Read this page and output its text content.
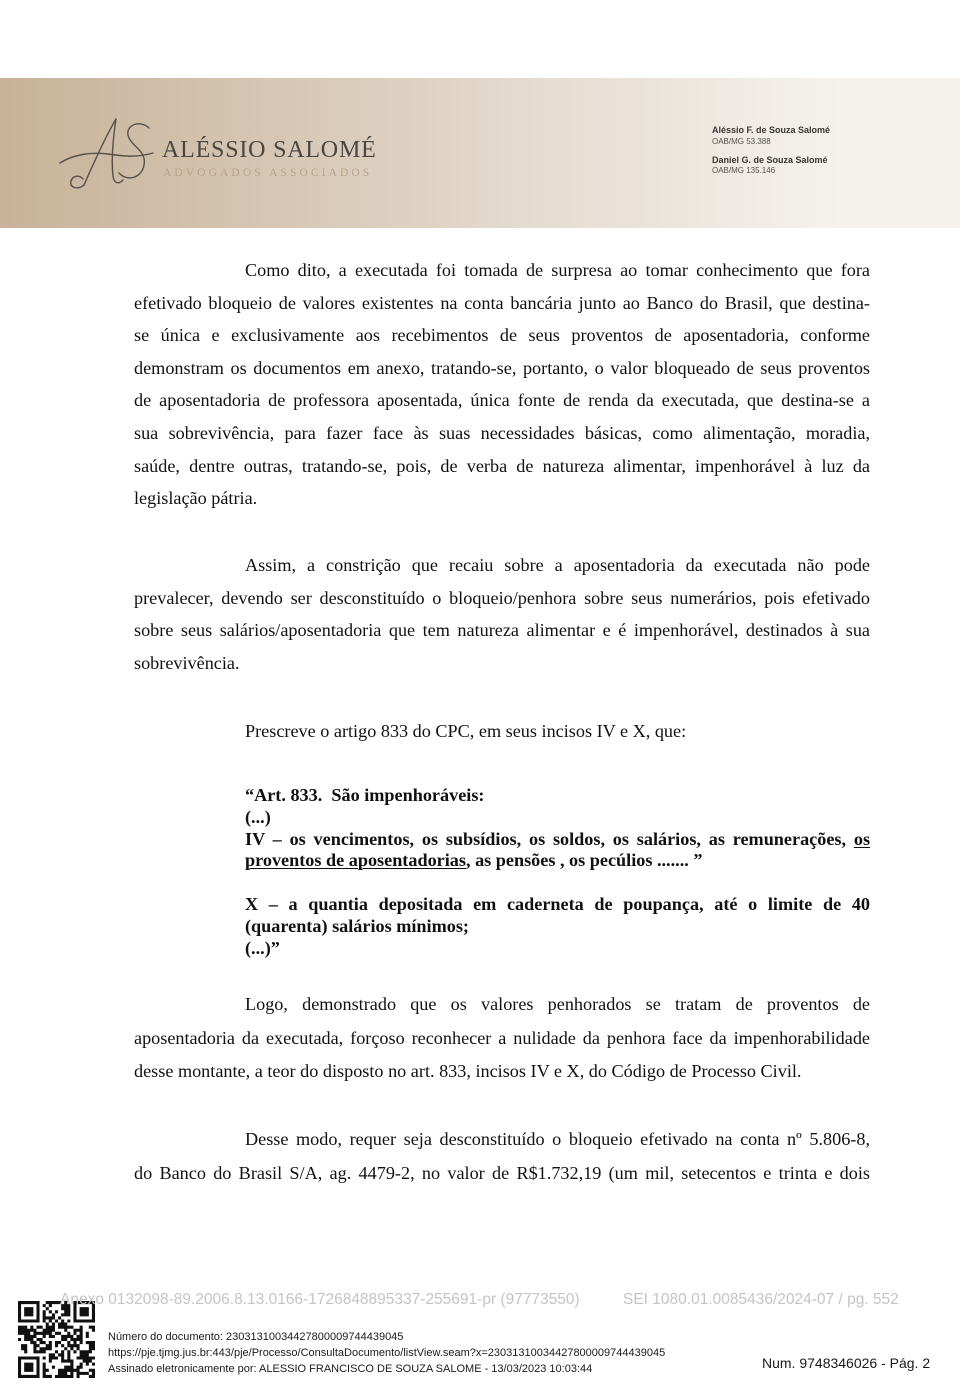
ALÉSSIO SALOMÉ
ADVOGADOS ASSOCIADOS
Aléssio F. de Souza Salomé
OAB/MG 53.388
Daniel G. de Souza Salomé
OAB/MG 135.146
Como dito, a executada foi tomada de surpresa ao tomar conhecimento que fora
efetivado bloqueio de valores existentes na conta bancária junto ao Banco do Brasil, que destina-
se única e exclusivamente aos recebimentos de seus proventos de aposentadoria, conforme
demonstram os documentos em anexo, tratando-se, portanto, o valor bloqueado de seus proventos
de aposentadoria de professora aposentada, única fonte de renda da executada, que destina-se a
sua sobrevivência, para fazer face às suas necessidades básicas, como alimentação, moradia,
saúde, dentre outras, tratando-se, pois, de verba de natureza alimentar, impenhorável à luz da
legislação pátria.
Assim, a constrição que recaiu sobre a aposentadoria da executada não pode
prevalecer, devendo ser desconstituído o bloqueio/penhora sobre seus numerários, pois efetivado
sobre seus salários/aposentadoria que tem natureza alimentar e é impenhorável, destinados à sua
sobrevivência.
Prescreve o artigo 833 do CPC, em seus incisos IV e X, que:
“Art. 833.  São impenhoráveis:
(...)
IV – os vencimentos, os subsídios, os soldos, os salários, as remunerações, os
proventos de aposentadorias, as pensões , os pecúlios ....... ”
X – a quantia depositada em caderneta de poupança, até o limite de 40
(quarenta) salários mínimos;
(...)”
Logo, demonstrado que os valores penhorados se tratam de proventos de
aposentadoria da executada, forçoso reconhecer a nulidade da penhora face da impenhorabilidade
desse montante, a teor do disposto no art. 833, incisos IV e X, do Código de Processo Civil.
Desse modo, requer seja desconstituído o bloqueio efetivado na conta nº 5.806-8,
do Banco do Brasil S/A, ag. 4479-2, no valor de R$1.732,19 (um mil, setecentos e trinta e dois
Anexo 0132098-89.2006.8.13.0166-1726848895337-255691-pr (97773550)	SEI 1080.01.0085436/2024-07 / pg. 552
Número do documento: 23031310034427800009744439045
https://pje.tjmg.jus.br:443/pje/Processo/ConsultaDocumento/listView.seam?x=23031310034427800009744439045
Assinado eletronicamente por: ALESSIO FRANCISCO DE SOUZA SALOME - 13/03/2023 10:03:44	Num. 9748346026 - Pág. 2
